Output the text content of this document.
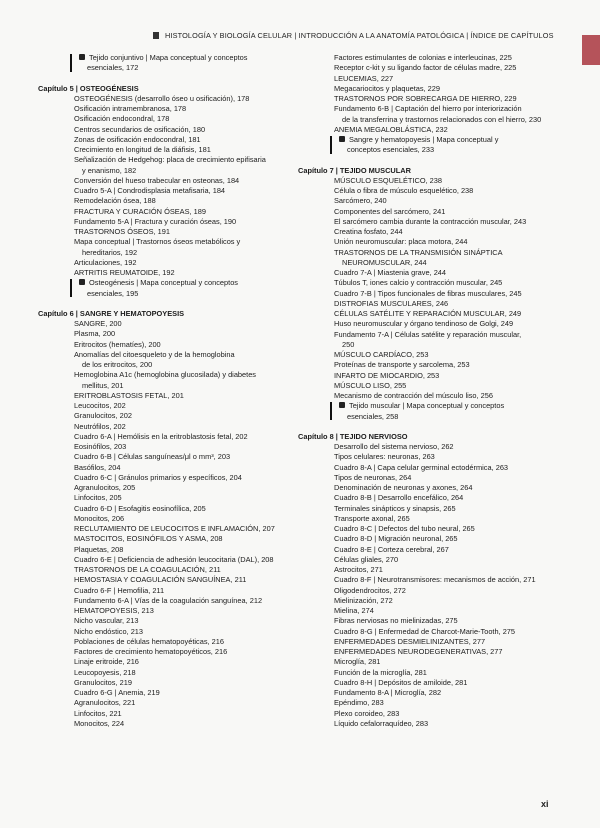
HISTOLOGÍA Y BIOLOGÍA CELULAR | INTRODUCCIÓN A LA ANATOMÍA PATOLÓGICA | ÍNDICE DE CAPÍTULOS
Tejido conjuntivo | Mapa conceptual y conceptos
esenciales, 172
Capítulo 5 | OSTEOGÉNESIS
OSTEOGÉNESIS (desarrollo óseo u osificación), 178
Osificación intramembranosa, 178
Osificación endocondral, 178
Centros secundarios de osificación, 180
Zonas de osificación endocondral, 181
Crecimiento en longitud de la diáfisis, 181
Señalización de Hedgehog: placa de crecimiento epifisaria
y enanismo, 182
Conversión del hueso trabecular en osteonas, 184
Cuadro 5-A | Condrodisplasia metafisaria, 184
Remodelación ósea, 188
FRACTURA Y CURACIÓN ÓSEAS, 189
Fundamento 5-A | Fractura y curación óseas, 190
TRASTORNOS ÓSEOS, 191
Mapa conceptual | Trastornos óseos metabólicos y
hereditarios, 192
Articulaciones, 192
ARTRITIS REUMATOIDE, 192
Osteogénesis | Mapa conceptual y conceptos
esenciales, 195
Capítulo 6 | SANGRE Y HEMATOPOYESIS
SANGRE, 200
Plasma, 200
Eritrocitos (hematíes), 200
Anomalías del citoesqueleto y de la hemoglobina
de los eritrocitos, 200
Hemoglobina A1c (hemoglobina glucosilada) y diabetes
mellitus, 201
ERITROBLASTOSIS FETAL, 201
Leucocitos, 202
Granulocitos, 202
Neutrófilos, 202
Cuadro 6-A | Hemólisis en la eritroblastosis fetal, 202
Eosinófilos, 203
Cuadro 6-B | Células sanguíneas/μl o mm³, 203
Basófilos, 204
Cuadro 6-C | Gránulos primarios y específicos, 204
Agranulocitos, 205
Linfocitos, 205
Cuadro 6-D | Esofagitis eosinofílica, 205
Monocitos, 206
RECLUTAMIENTO DE LEUCOCITOS E INFLAMACIÓN, 207
MASTOCITOS, EOSINÓFILOS Y ASMA, 208
Plaquetas, 208
Cuadro 6-E | Deficiencia de adhesión leucocitaria (DAL), 208
TRASTORNOS DE LA COAGULACIÓN, 211
HEMOSTASIA Y COAGULACIÓN SANGUÍNEA, 211
Cuadro 6-F | Hemofilia, 211
Fundamento 6-A | Vías de la coagulación sanguínea, 212
HEMATOPOYESIS, 213
Nicho vascular, 213
Nicho endóstico, 213
Poblaciones de células hematopoyéticas, 216
Factores de crecimiento hematopoyéticos, 216
Linaje eritroide, 216
Leucopoyesis, 218
Granulocitos, 219
Cuadro 6-G | Anemia, 219
Agranulocitos, 221
Linfocitos, 221
Monocitos, 224
Factores estimulantes de colonias e interleucinas, 225
Receptor c-kit y su ligando factor de células madre, 225
LEUCEMIAS, 227
Megacariocitos y plaquetas, 229
TRASTORNOS POR SOBRECARGA DE HIERRO, 229
Fundamento 6-B | Captación del hierro por interiorización
de la transferrina y trastornos relacionados con el hierro, 230
ANEMIA MEGALOBLÁSTICA, 232
Sangre y hematopoyesis | Mapa conceptual y
conceptos esenciales, 233
Capítulo 7 | TEJIDO MUSCULAR
MÚSCULO ESQUELÉTICO, 238
Célula o fibra de músculo esquelético, 238
Sarcómero, 240
Componentes del sarcómero, 241
El sarcómero cambia durante la contracción muscular, 243
Creatina fosfato, 244
Unión neuromuscular: placa motora, 244
TRASTORNOS DE LA TRANSMISIÓN SINÁPTICA
NEUROMUSCULAR, 244
Cuadro 7-A | Miastenia grave, 244
Túbulos T, iones calcio y contracción muscular, 245
Cuadro 7-B | Tipos funcionales de fibras musculares, 245
DISTROFIAS MUSCULARES, 246
CÉLULAS SATÉLITE Y REPARACIÓN MUSCULAR, 249
Huso neuromuscular y órgano tendinoso de Golgi, 249
Fundamento 7-A | Células satélite y reparación muscular,
250
MÚSCULO CARDÍACO, 253
Proteínas de transporte y sarcolema, 253
INFARTO DE MIOCARDIO, 253
MÚSCULO LISO, 255
Mecanismo de contracción del músculo liso, 256
Tejido muscular | Mapa conceptual y conceptos
esenciales, 258
Capítulo 8 | TEJIDO NERVIOSO
Desarrollo del sistema nervioso, 262
Tipos celulares: neuronas, 263
Cuadro 8-A | Capa celular germinal ectodérmica, 263
Tipos de neuronas, 264
Denominación de neuronas y axones, 264
Cuadro 8-B | Desarrollo encefálico, 264
Terminales sinápticos y sinapsis, 265
Transporte axonal, 265
Cuadro 8-C | Defectos del tubo neural, 265
Cuadro 8-D | Migración neuronal, 265
Cuadro 8-E | Corteza cerebral, 267
Células gliales, 270
Astrocitos, 271
Cuadro 8-F | Neurotransmisores: mecanismos de acción, 271
Oligodendrocitos, 272
Mielinización, 272
Mielina, 274
Fibras nerviosas no mielinizadas, 275
Cuadro 8-G | Enfermedad de Charcot-Marie-Tooth, 275
ENFERMEDADES DESMIELINIZANTES, 277
ENFERMEDADES NEURODEGENERATIVAS, 277
Microglía, 281
Función de la microglía, 281
Cuadro 8-H | Depósitos de amiloide, 281
Fundamento 8-A | Microglía, 282
Epéndimo, 283
Plexo coroideo, 283
Líquido cefalorraquídeo, 283
xi
